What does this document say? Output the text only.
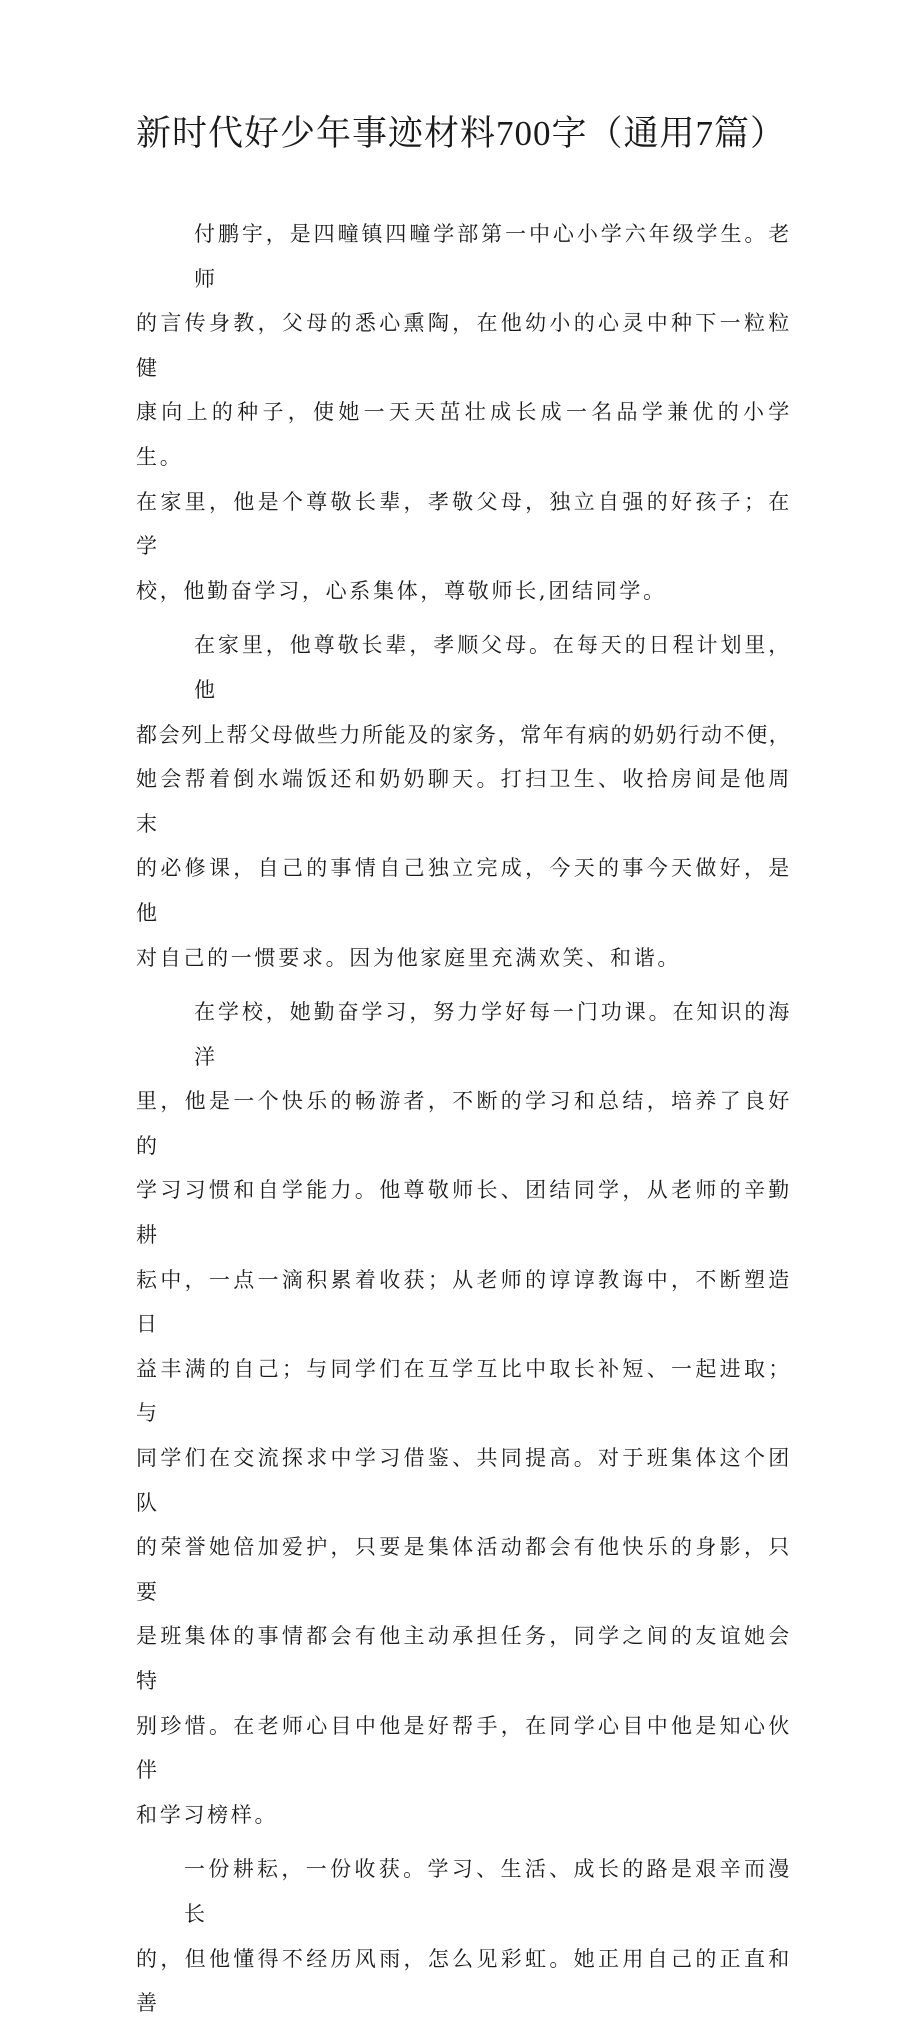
新时代好少年事迹材料700字（通用7篇）
付鹏宇，是四疃镇四疃学部第一中心小学六年级学生。老师
的言传身教，父母的悉心熏陶，在他幼小的心灵中种下一粒粒健
康向上的种子，使她一天天茁壮成长成一名品学兼优的小学生。
在家里，他是个尊敬长辈，孝敬父母，独立自强的好孩子；在学
校，他勤奋学习，心系集体，尊敬师长,团结同学。
在家里，他尊敬长辈，孝顺父母。在每天的日程计划里，他
都会列上帮父母做些力所能及的家务，常年有病的奶奶行动不便，
她会帮着倒水端饭还和奶奶聊天。打扫卫生、收拾房间是他周末
的必修课，自己的事情自己独立完成，今天的事今天做好，是他
对自己的一惯要求。因为他家庭里充满欢笑、和谐。
在学校，她勤奋学习，努力学好每一门功课。在知识的海洋
里，他是一个快乐的畅游者，不断的学习和总结，培养了良好的
学习习惯和自学能力。他尊敬师长、团结同学，从老师的辛勤耕
耘中，一点一滴积累着收获；从老师的谆谆教诲中，不断塑造日
益丰满的自己；与同学们在互学互比中取长补短、一起进取；与
同学们在交流探求中学习借鉴、共同提高。对于班集体这个团队
的荣誉她倍加爱护，只要是集体活动都会有他快乐的身影，只要
是班集体的事情都会有他主动承担任务，同学之间的友谊她会特
别珍惜。在老师心目中他是好帮手，在同学心目中他是知心伙伴
和学习榜样。
一份耕耘，一份收获。学习、生活、成长的路是艰辛而漫长
的，但他懂得不经历风雨，怎么见彩虹。她正用自己的正直和善
